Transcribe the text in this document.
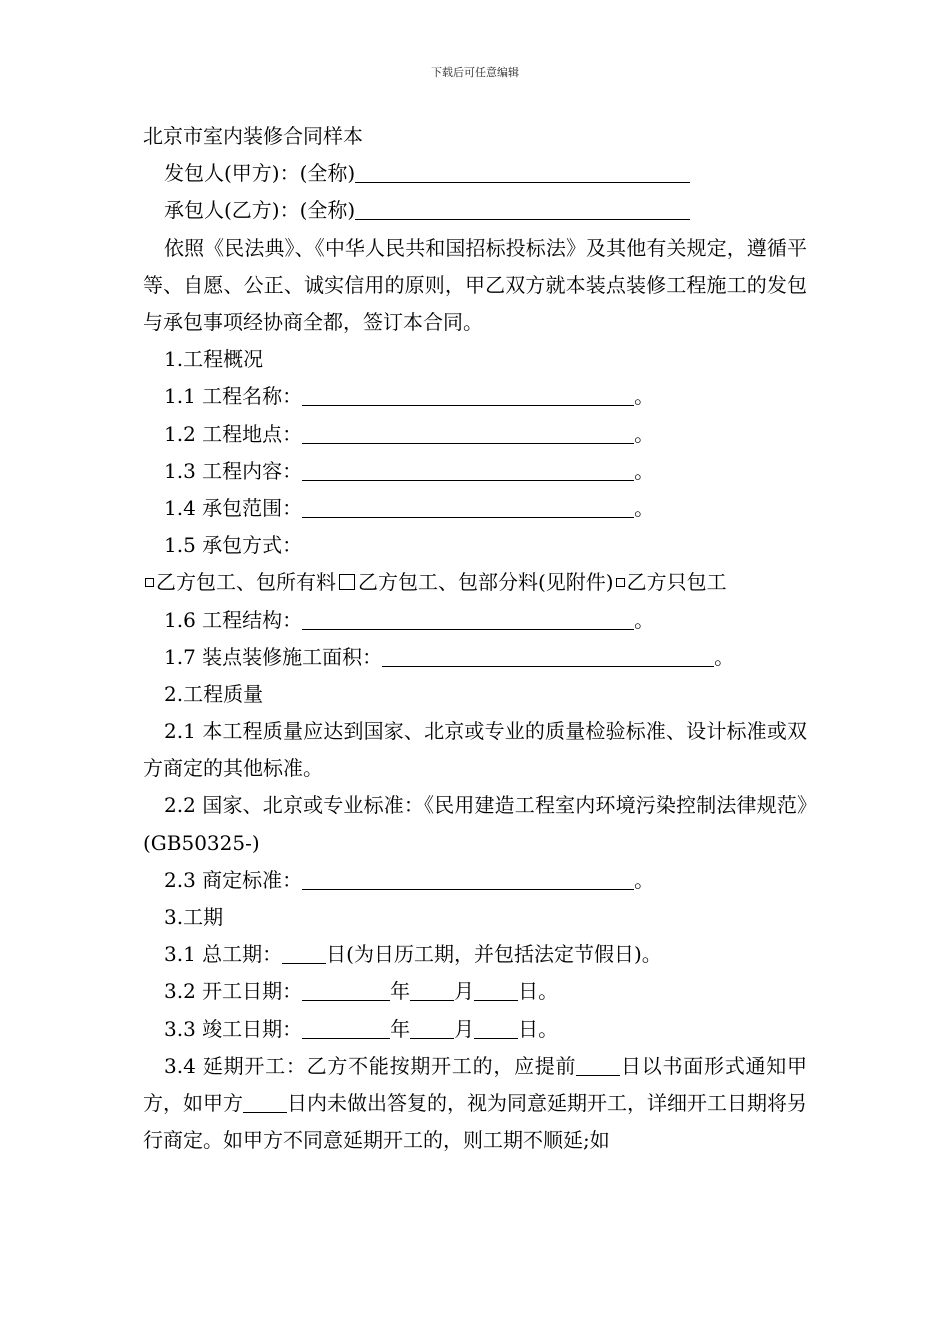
下载后可任意编辑
北京市室内装修合同样本
发包人(甲方)：(全称)
承包人(乙方)：(全称)
依照《民法典》、《中华人民共和国招标投标法》及其他有关规定，遵循平等、自愿、公正、诚实信用的原则，甲乙双方就本装点装修工程施工的发包与承包事项经协商全都，签订本合同。
1.工程概况
1.1 工程名称：	。
1.2 工程地点：	。
1.3 工程内容：	。
1.4 承包范围：	。
1.5 承包方式：
乙方包工、包所有料 乙方包工、包部分料(见附件) 乙方只包工
1.6 工程结构：	。
1.7 装点装修施工面积：	。
2.工程质量
2.1 本工程质量应达到国家、北京或专业的质量检验标准、设计标准或双方商定的其他标准。
2.2 国家、北京或专业标准：《民用建造工程室内环境污染控制法律规范》(GB50325-)
2.3 商定标准：	。
3.工期
3.1 总工期： 日(为日历工期，并包括法定节假日)。
3.2 开工日期：	年 月 日。
3.3 竣工日期：	年 月 日。
3.4 延期开工：乙方不能按期开工的，应提前 日以书面形式通知甲方，如甲方 日内未做出答复的，视为同意延期开工，详细开工日期将另行商定。如甲方不同意延期开工的，则工期不顺延;如
